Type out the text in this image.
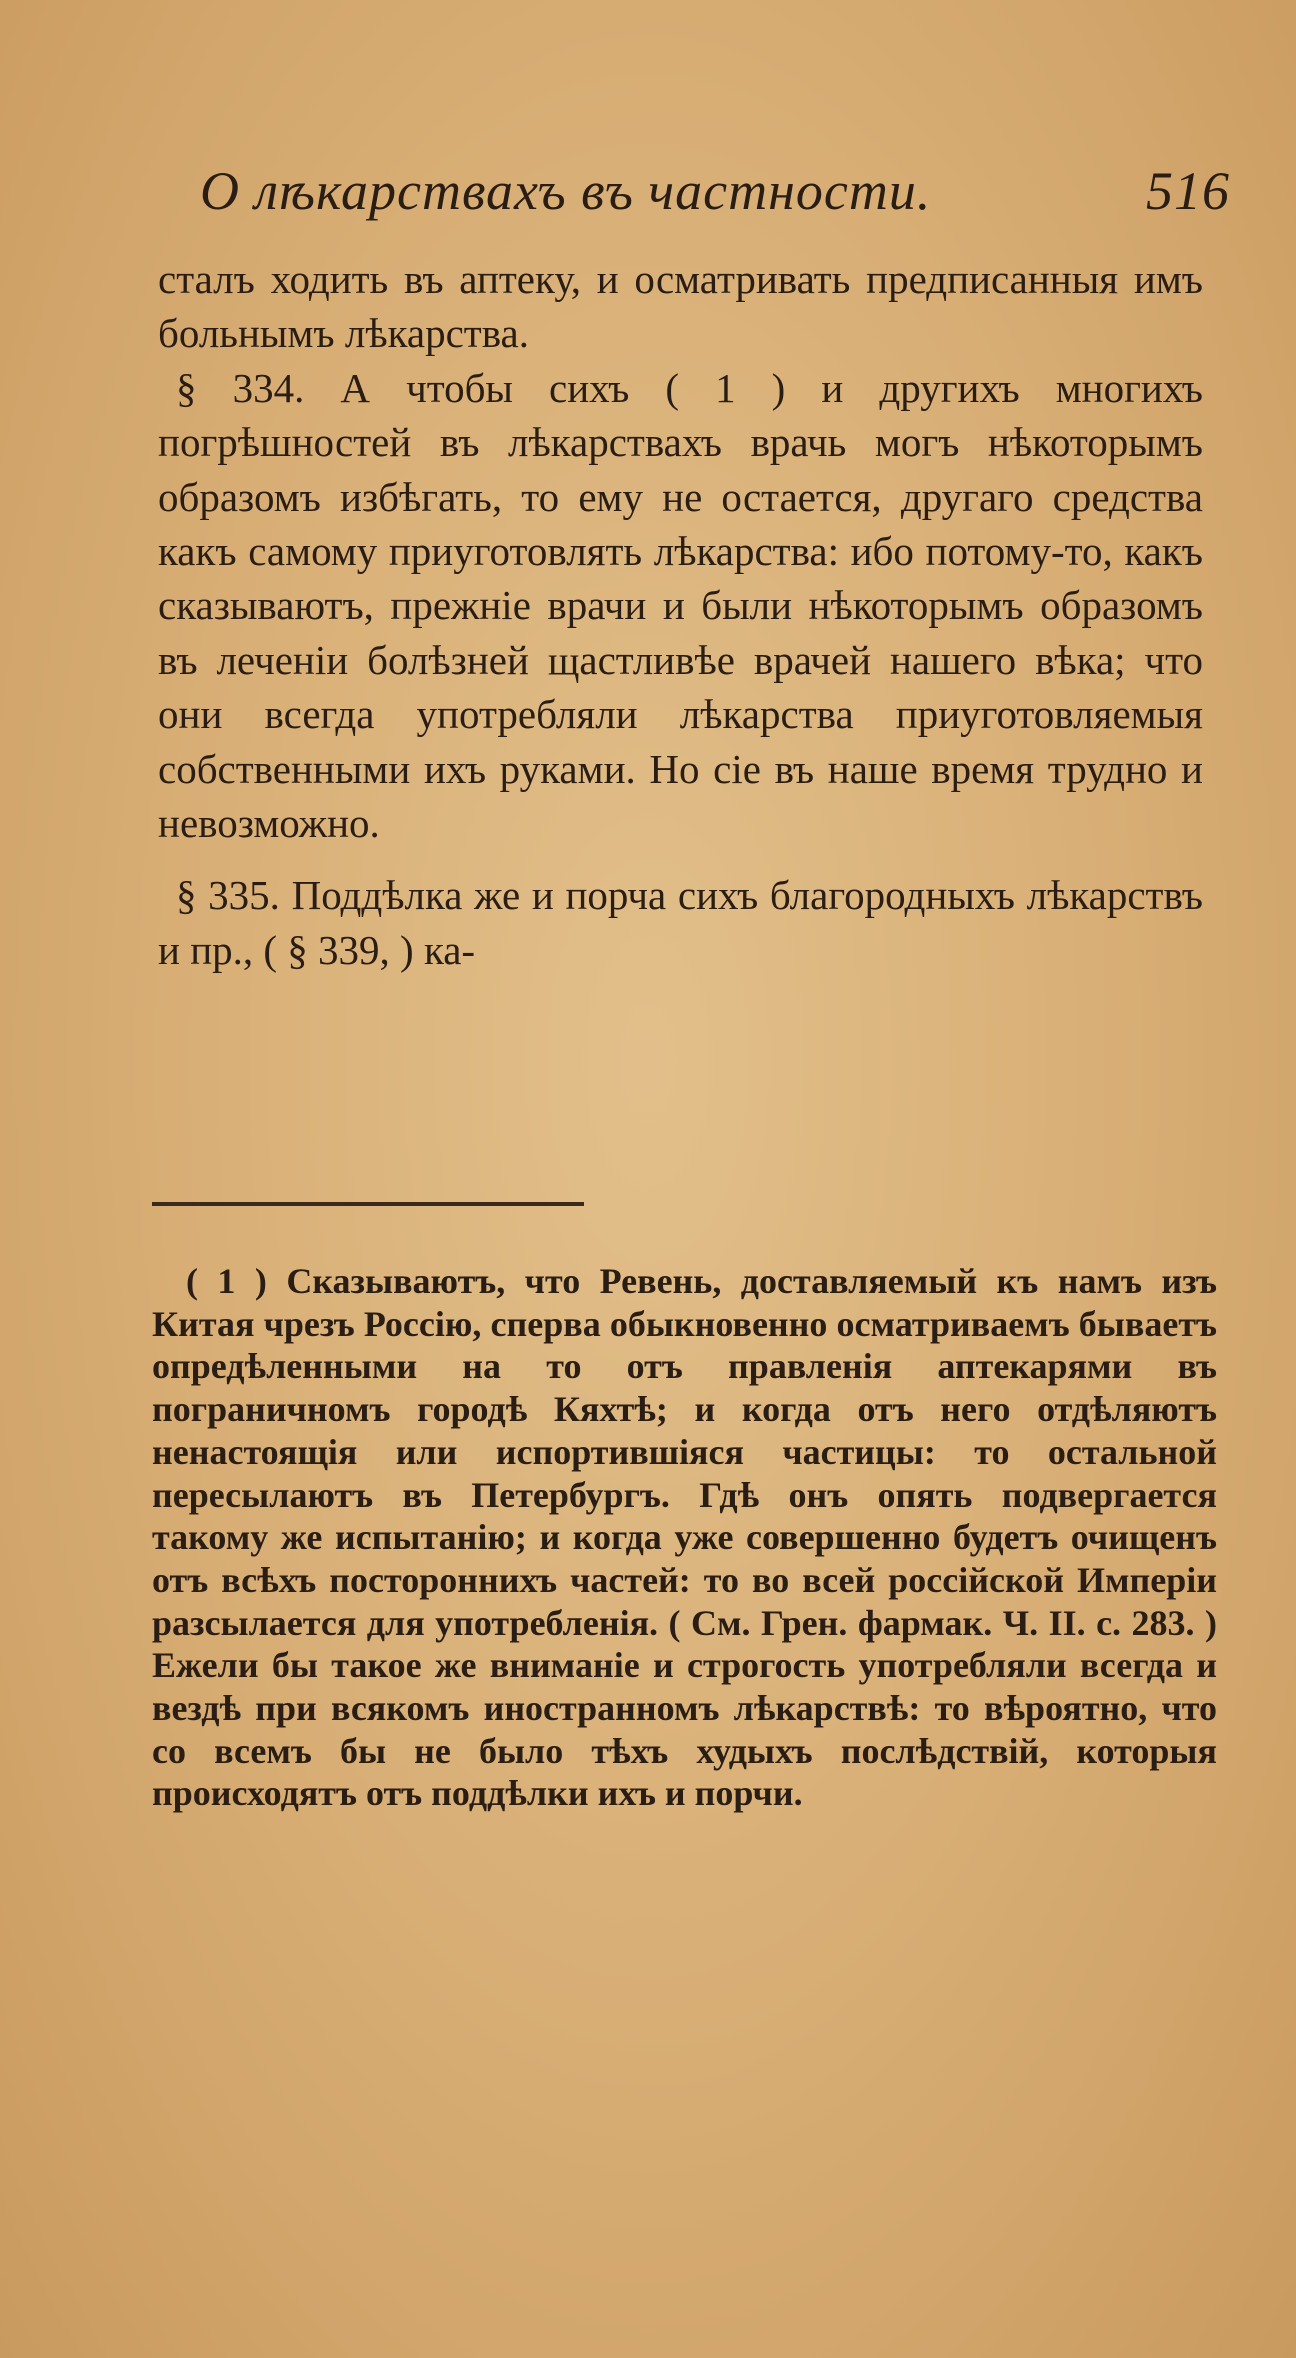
О лѣкарствахъ въ частности.	516

сталъ ходить въ аптеку, и осматривать предписанныя имъ больнымъ лѣкарства.

§ 334. А чтобы сихъ ( 1 ) и другихъ многихъ погрѣшностей въ лѣкарствахъ врачь могъ нѣкоторымъ образомъ избѣгать, то ему не остается, другаго средства какъ самому приуготовлять лѣкарства: ибо потому-то, какъ сказываютъ, прежнiе врачи и были нѣкоторымъ образомъ въ леченiи болѣзней щастливѣе врачей нашего вѣка; что они всегда употребляли лѣкарства приуготовляемыя собственными ихъ руками. Но сiе въ наше время трудно и невозможно.

§ 335. Поддѣлка же и порча сихъ благородныхъ лѣкарствъ и пр., ( § 339, ) ка-

( 1 ) Сказываютъ, что Ревень, доставляемый къ намъ изъ Китая чрезъ Россiю, сперва обыкновенно осматриваемъ бываетъ опредѣленными на то отъ правленiя аптекарями въ пограничномъ городѣ Кяхтѣ; и когда отъ него отдѣляютъ ненастоящiя или испортившiяся частицы: то остальной пересылаютъ въ Петербургъ. Гдѣ онъ опять подвергается такому же испытанiю; и когда уже совершенно будетъ очищенъ отъ всѣхъ постороннихъ частей: то во всей россiйской Имперiи разсылается для употребленiя. ( См. Грен. фармак. Ч. II. с. 283. ) Ежели бы такое же вниманiе и строгость употребляли всегда и вездѣ при всякомъ иностранномъ лѣкарствѣ: то вѣроятно, что со всемъ бы не было тѣхъ худыхъ послѣдствiй, которыя происходятъ отъ поддѣлки ихъ и порчи.
